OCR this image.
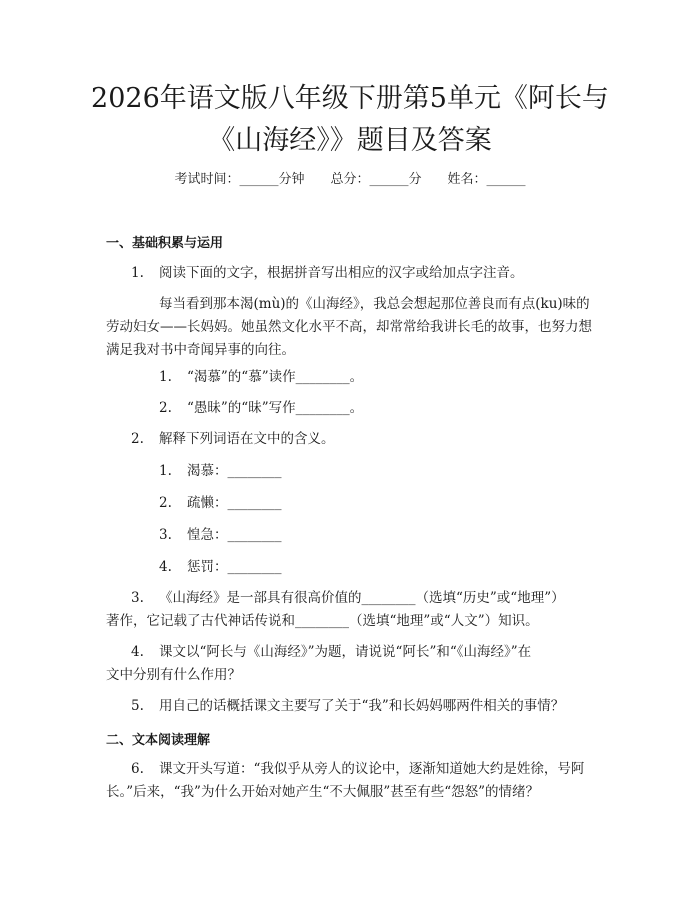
2026年语文版八年级下册第5单元《阿长与
《山海经》》题目及答案
考试时间：______分钟　　总分：______分　　姓名：______
一、基础积累与运用
1. 阅读下面的文字，根据拼音写出相应的汉字或给加点字注音。
每当看到那本渴(mù)的《山海经》，我总会想起那位善良而有点(ku)味的
劳动妇女——长妈妈。她虽然文化水平不高，却常常给我讲长毛的故事，也努力想
满足我对书中奇闻异事的向往。
1. “渴慕”的“慕”读作________。
2. “愚昧”的“昧”写作________。
2. 解释下列词语在文中的含义。
1. 渴慕：________
2. 疏懒：________
3. 惶急：________
4. 惩罚：________
3. 《山海经》是一部具有很高价值的________（选填“历史”或“地理”）
著作，它记载了古代神话传说和________（选填“地理”或“人文”）知识。
4. 课文以“阿长与《山海经》”为题，请说说“阿长”和“《山海经》”在
文中分别有什么作用？
5. 用自己的话概括课文主要写了关于“我”和长妈妈哪两件相关的事情？
二、文本阅读理解
6. 课文开头写道：“我似乎从旁人的议论中，逐渐知道她大约是姓徐，号阿
长。”后来，“我”为什么开始对她产生“不大佩服”甚至有些“怨怒”的情绪？
